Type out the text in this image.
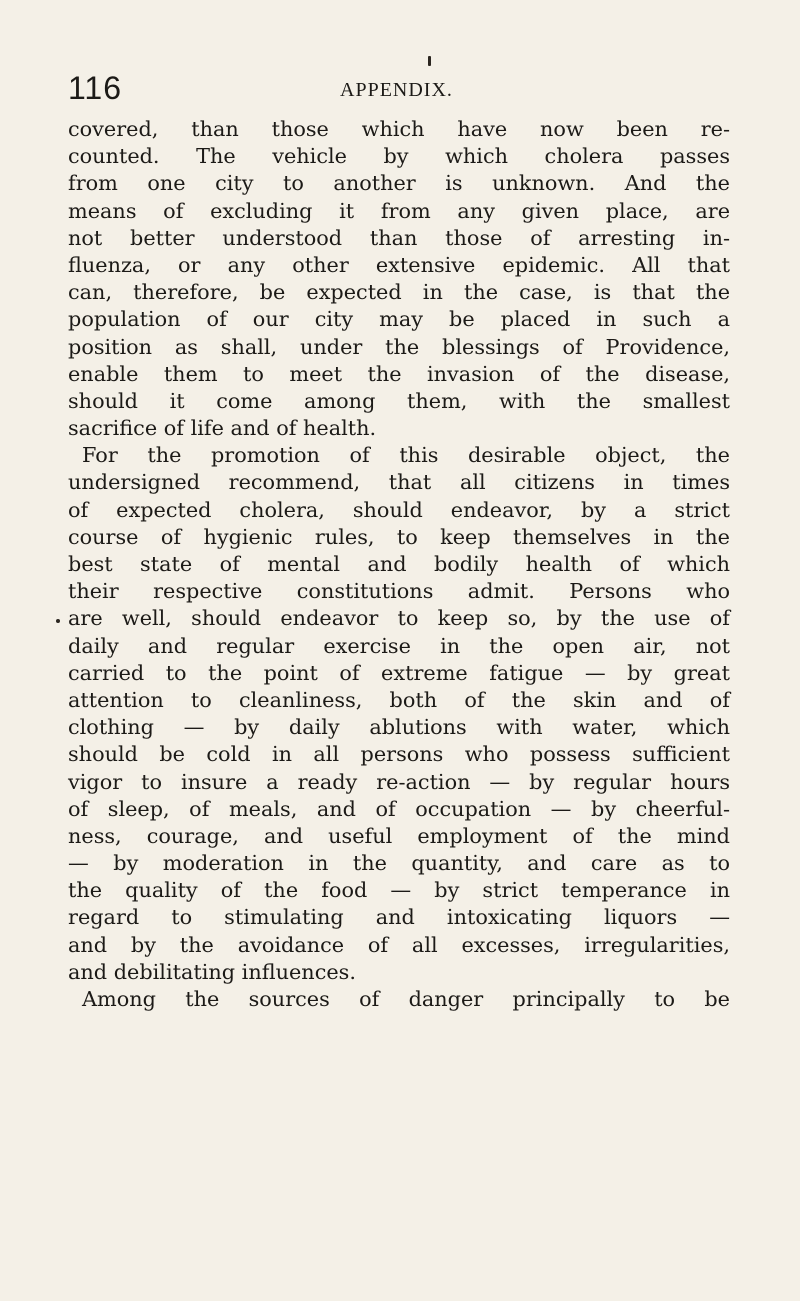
116	APPENDIX.
covered, than those which have now been re-
counted. The vehicle by which cholera passes
from one city to another is unknown. And the
means of excluding it from any given place, are
not better understood than those of arresting in-
fluenza, or any other extensive epidemic. All that
can, therefore, be expected in the case, is that the
population of our city may be placed in such a
position as shall, under the blessings of Providence,
enable them to meet the invasion of the disease,
should it come among them, with the smallest
sacrifice of life and of health.
For the promotion of this desirable object, the
undersigned recommend, that all citizens in times
of expected cholera, should endeavor, by a strict
course of hygienic rules, to keep themselves in the
best state of mental and bodily health of which
their respective constitutions admit. Persons who
are well, should endeavor to keep so, by the use of
daily and regular exercise in the open air, not
carried to the point of extreme fatigue — by great
attention to cleanliness, both of the skin and of
clothing — by daily ablutions with water, which
should be cold in all persons who possess sufficient
vigor to insure a ready re-action — by regular hours
of sleep, of meals, and of occupation — by cheerful-
ness, courage, and useful employment of the mind
— by moderation in the quantity, and care as to
the quality of the food — by strict temperance in
regard to stimulating and intoxicating liquors —
and by the avoidance of all excesses, irregularities,
and debilitating influences.
Among the sources of danger principally to be
